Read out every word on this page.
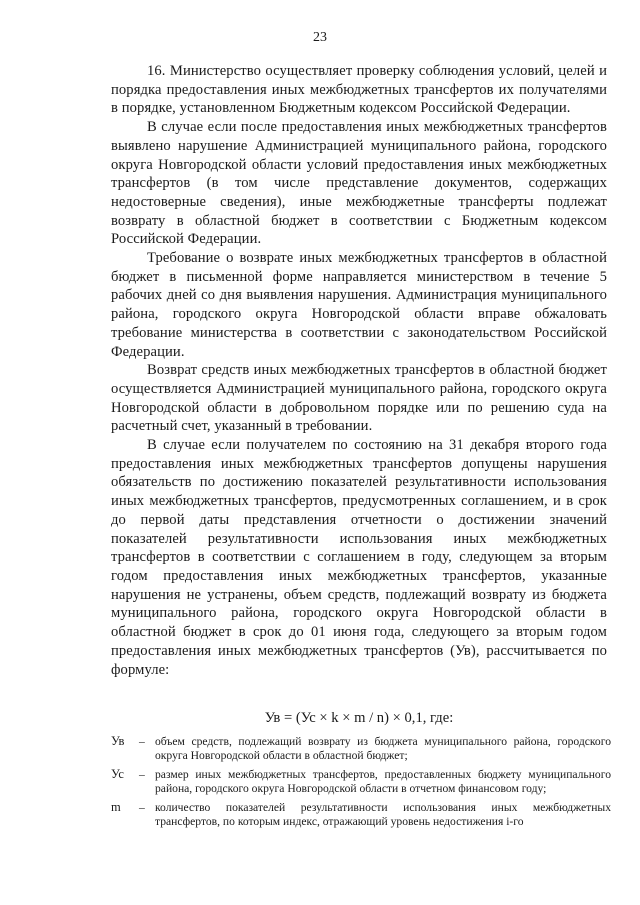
23

16. Министерство осуществляет проверку соблюдения условий, целей и порядка предоставления иных межбюджетных трансфертов их получателями в порядке, установленном Бюджетным кодексом Российской Федерации.

В случае если после предоставления иных межбюджетных трансфертов выявлено нарушение Администрацией муниципального района, городского округа Новгородской области условий предоставления иных межбюджетных трансфертов (в том числе представление документов, содержащих недостоверные сведения), иные межбюджетные трансферты подлежат возврату в областной бюджет в соответствии с Бюджетным кодексом Российской Федерации.

Требование о возврате иных межбюджетных трансфертов в областной бюджет в письменной форме направляется министерством в течение 5 рабочих дней со дня выявления нарушения. Администрация муниципального района, городского округа Новгородской области вправе обжаловать требование министерства в соответствии с законодательством Российской Федерации.

Возврат средств иных межбюджетных трансфертов в областной бюджет осуществляется Администрацией муниципального района, городского округа Новгородской области в добровольном порядке или по решению суда на расчетный счет, указанный в требовании.

В случае если получателем по состоянию на 31 декабря второго года предоставления иных межбюджетных трансфертов допущены нарушения обязательств по достижению показателей результативности использования иных межбюджетных трансфертов, предусмотренных соглашением, и в срок до первой даты представления отчетности о достижении значений показателей результативности использования иных межбюджетных трансфертов в соответствии с соглашением в году, следующем за вторым годом предоставления иных межбюджетных трансфертов, указанные нарушения не устранены, объем средств, подлежащий возврату из бюджета муниципального района, городского округа Новгородской области в областной бюджет в срок до 01 июня года, следующего за вторым годом предоставления иных межбюджетных трансфертов (Ув), рассчитывается по формуле:

Ув = (Ус × k × m / n) × 0,1, где:
Ув	– объем средств, подлежащий возврату из бюджета муниципального района, городского округа Новгородской области в областной бюджет;
Ус	– размер иных межбюджетных трансфертов, предоставленных бюджету муниципального района, городского округа Новгородской области в отчетном финансовом году;
m	– количество показателей результативности использования иных межбюджетных трансфертов, по которым индекс, отражающий уровень недостижения i-го
